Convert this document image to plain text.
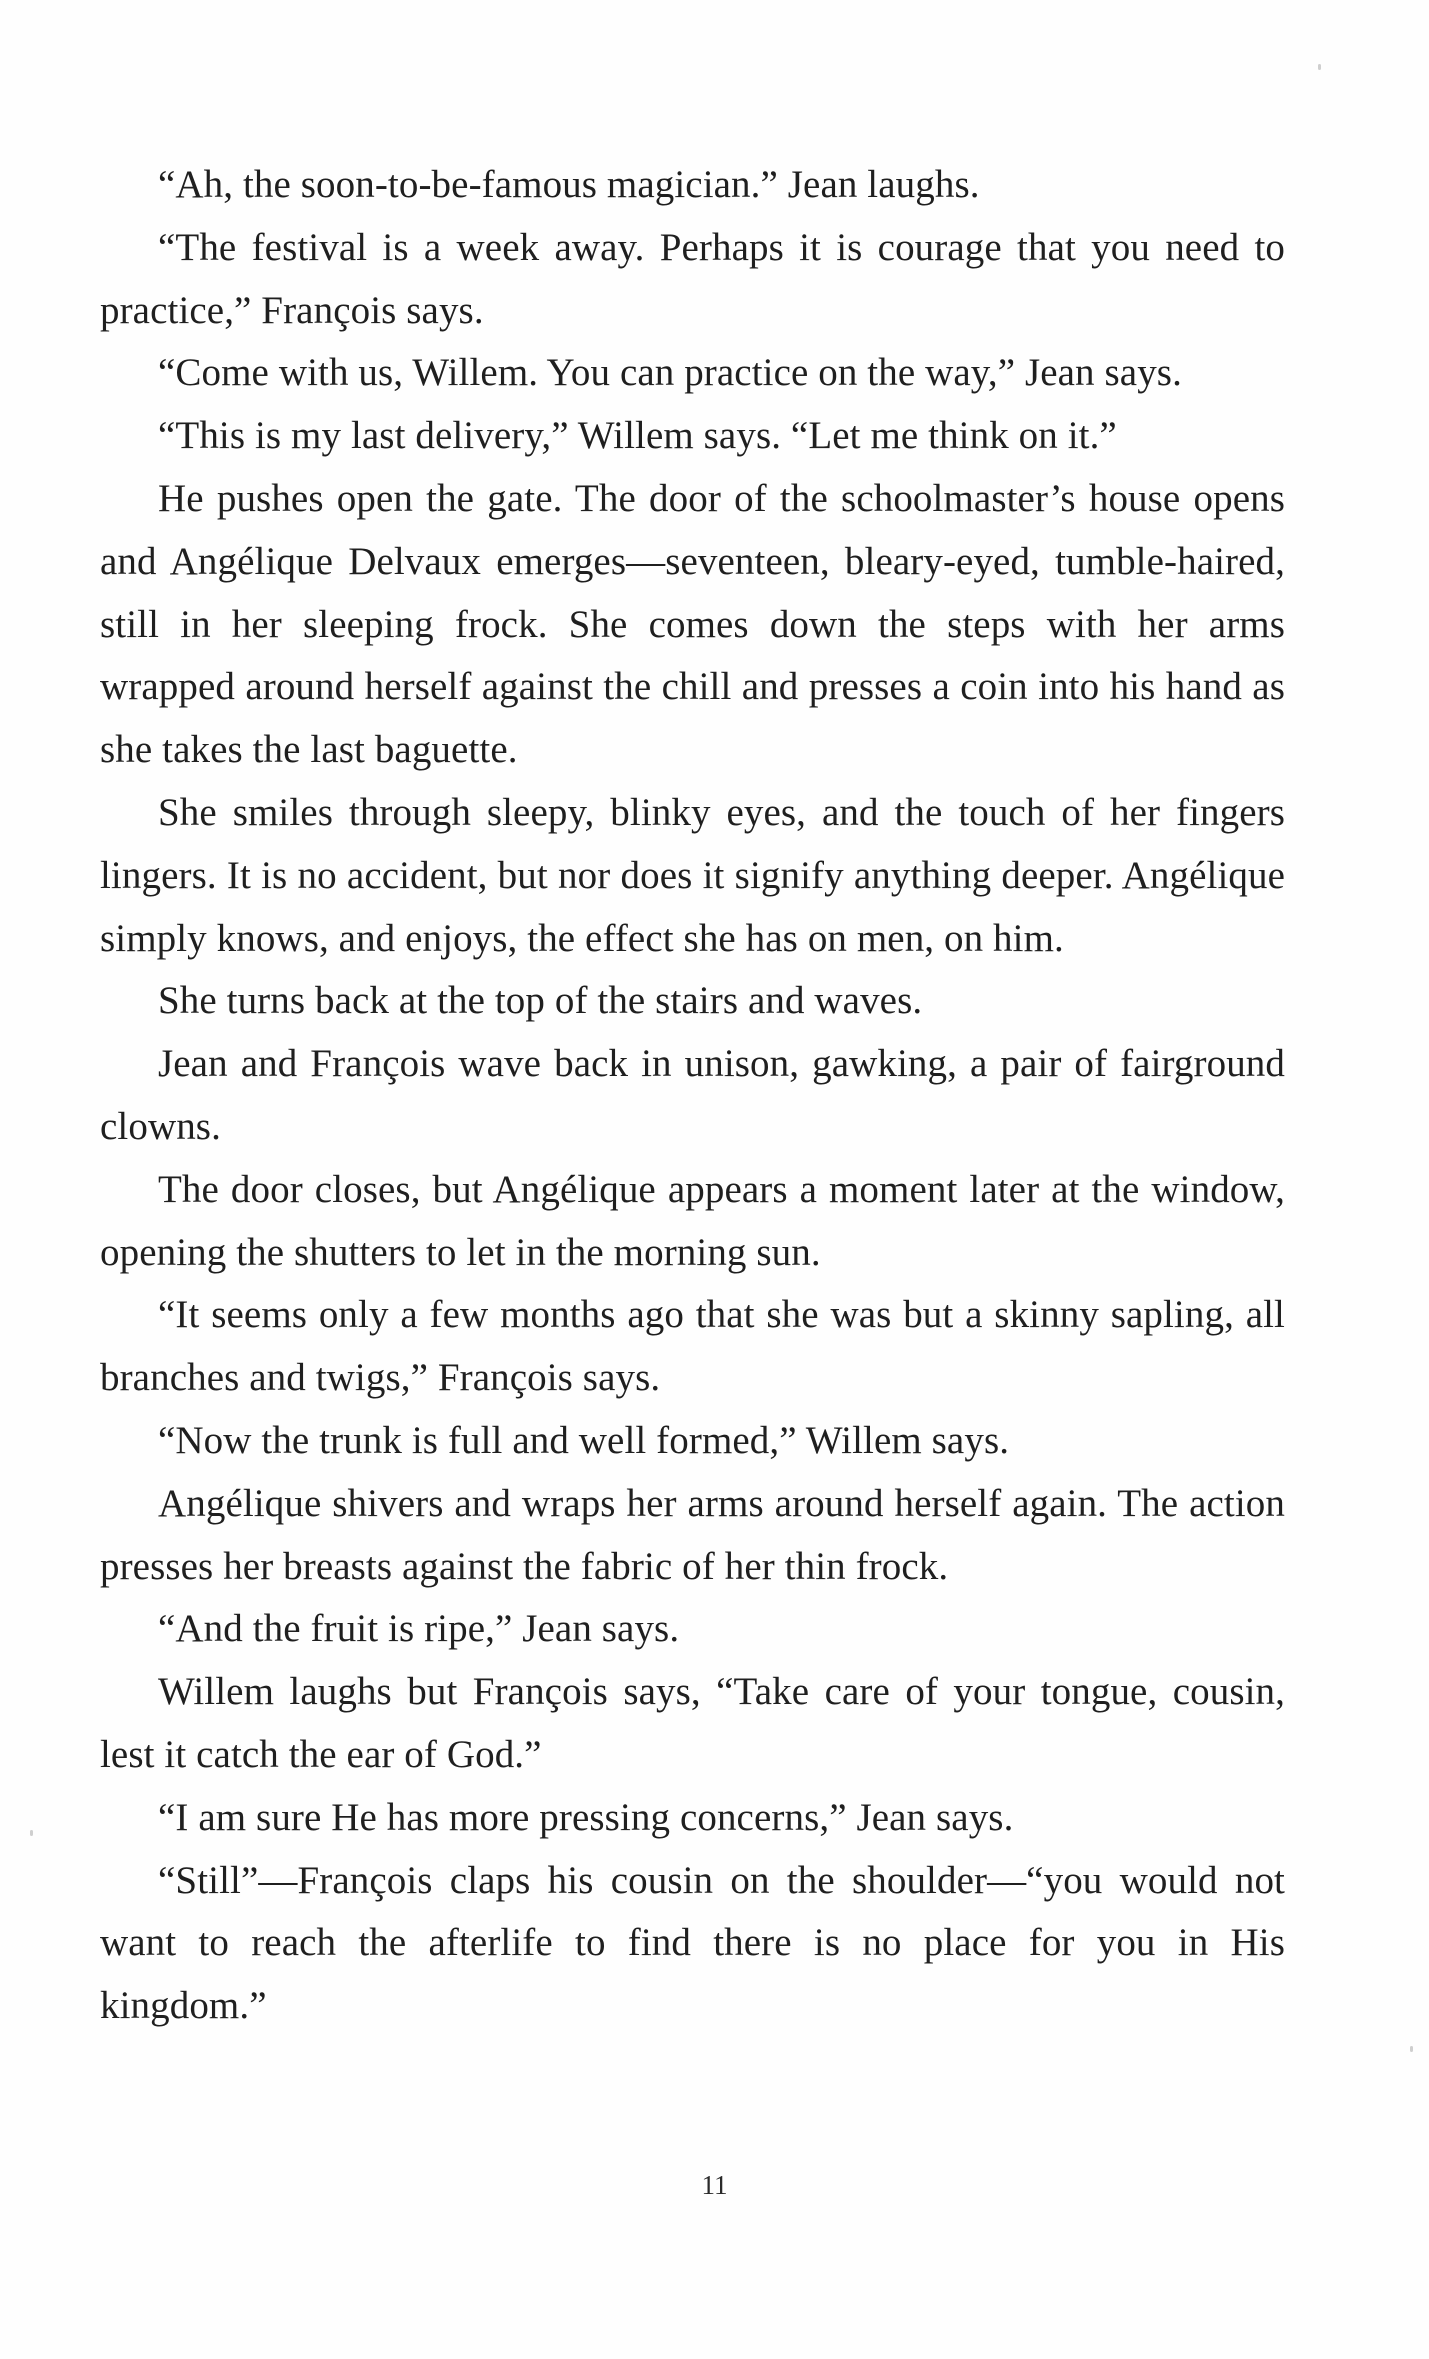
“Ah, the soon-to-be-famous magician.” Jean laughs.

“The festival is a week away. Perhaps it is courage that you need to practice,” François says.

“Come with us, Willem. You can practice on the way,” Jean says.

“This is my last delivery,” Willem says. “Let me think on it.”

He pushes open the gate. The door of the schoolmaster’s house opens and Angélique Delvaux emerges—seventeen, bleary-eyed, tumble-haired, still in her sleeping frock. She comes down the steps with her arms wrapped around herself against the chill and presses a coin into his hand as she takes the last baguette.

She smiles through sleepy, blinky eyes, and the touch of her fingers lingers. It is no accident, but nor does it signify anything deeper. Angélique simply knows, and enjoys, the effect she has on men, on him.

She turns back at the top of the stairs and waves.

Jean and François wave back in unison, gawking, a pair of fairground clowns.

The door closes, but Angélique appears a moment later at the window, opening the shutters to let in the morning sun.

“It seems only a few months ago that she was but a skinny sapling, all branches and twigs,” François says.

“Now the trunk is full and well formed,” Willem says.

Angélique shivers and wraps her arms around herself again. The action presses her breasts against the fabric of her thin frock.

“And the fruit is ripe,” Jean says.

Willem laughs but François says, “Take care of your tongue, cousin, lest it catch the ear of God.”

“I am sure He has more pressing concerns,” Jean says.

“Still”—François claps his cousin on the shoulder—“you would not want to reach the afterlife to find there is no place for you in His kingdom.”

11
